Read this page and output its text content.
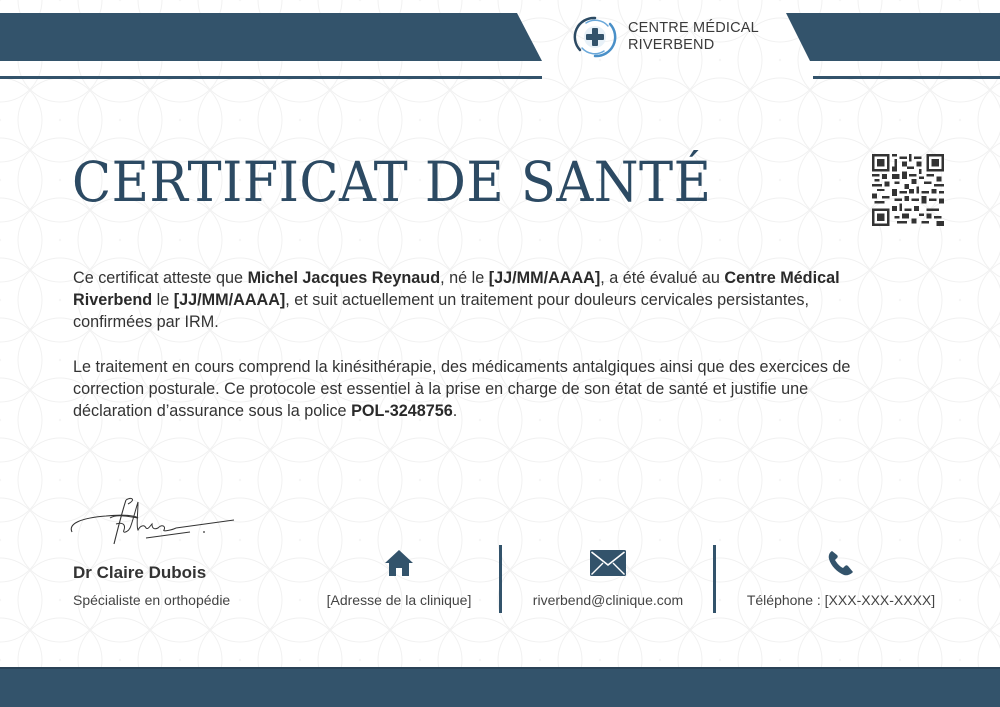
CENTRE MÉDICAL
RIVERBEND
CERTIFICAT DE SANTÉ

Ce certificat atteste que Michel Jacques Reynaud, né le [JJ/MM/AAAA], a été évalué au Centre Médical Riverbend le [JJ/MM/AAAA], et suit actuellement un traitement pour douleurs cervicales persistantes, confirmées par IRM.

Le traitement en cours comprend la kinésithérapie, des médicaments antalgiques ainsi que des exercices de correction posturale. Ce protocole est essentiel à la prise en charge de son état de santé et justifie une déclaration d’assurance sous la police POL-3248756.

Dr Claire Dubois
Spécialiste en orthopédie	[Adresse de la clinique]	riverbend@clinique.com	Téléphone : [XXX-XXX-XXXX]
